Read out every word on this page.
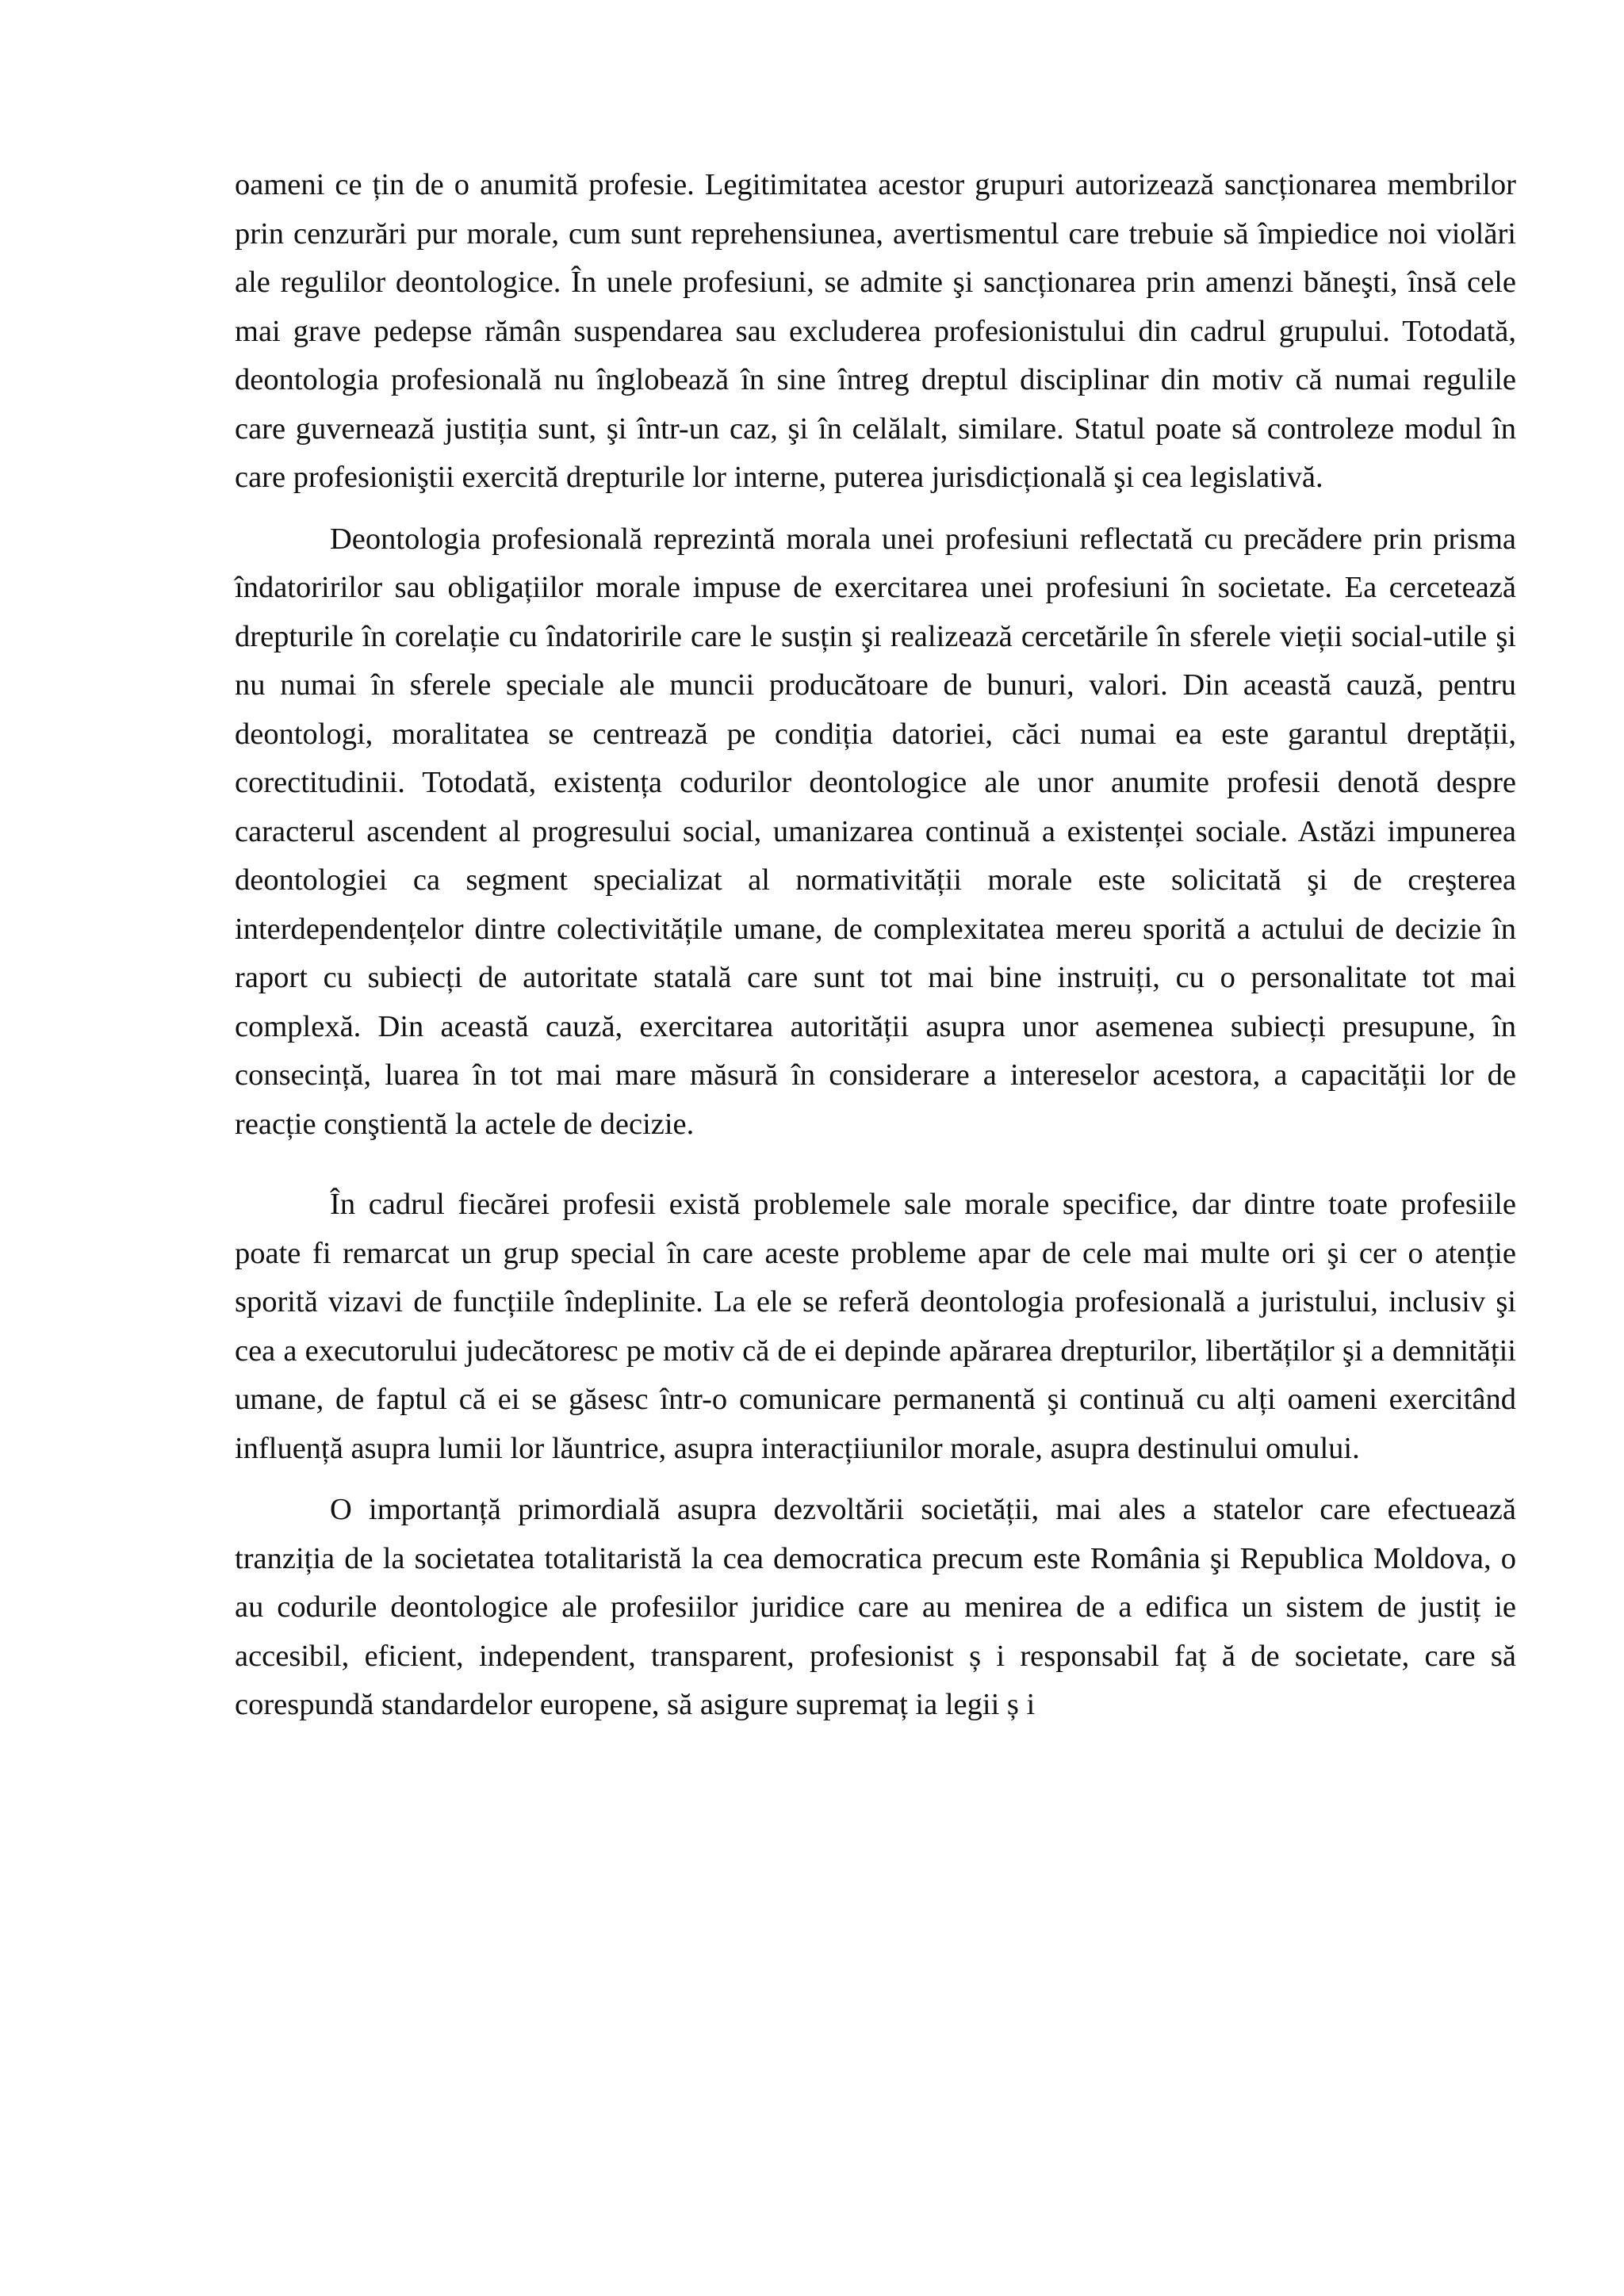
oameni ce țin de o anumită profesie. Legitimitatea acestor grupuri autorizează sancționarea membrilor prin cenzurări pur morale, cum sunt reprehensiunea, avertismentul care trebuie să împiedice noi violări ale regulilor deontologice. În unele profesiuni, se admite şi sancționarea prin amenzi băneşti, însă cele mai grave pedepse rămân suspendarea sau excluderea profesionistului din cadrul grupului. Totodată, deontologia profesională nu înglobează în sine întreg dreptul disciplinar din motiv că numai regulile care guvernează justiția sunt, şi într-un caz, şi în celălalt, similare. Statul poate să controleze modul în care profesioniştii exercită drepturile lor interne, puterea jurisdicțională şi cea legislativă.

Deontologia profesională reprezintă morala unei profesiuni reflectată cu precădere prin prisma îndatoririlor sau obligațiilor morale impuse de exercitarea unei profesiuni în societate. Ea cercetează drepturile în corelație cu îndatoririle care le susțin şi realizează cercetările în sferele vieții social-utile şi nu numai în sferele speciale ale muncii producătoare de bunuri, valori. Din această cauză, pentru deontologi, moralitatea se centrează pe condiția datoriei, căci numai ea este garantul dreptății, corectitudinii. Totodată, existența codurilor deontologice ale unor anumite profesii denotă despre caracterul ascendent al progresului social, umanizarea continuă a existenței sociale. Astăzi impunerea deontologiei ca segment specializat al normativității morale este solicitată şi de creşterea interdependențelor dintre colectivitățile umane, de complexitatea mereu sporită a actului de decizie în raport cu subiecți de autoritate statală care sunt tot mai bine instruiți, cu o personalitate tot mai complexă. Din această cauză, exercitarea autorității asupra unor asemenea subiecți presupune, în consecință, luarea în tot mai mare măsură în considerare a intereselor acestora, a capacității lor de reacție conştientă la actele de decizie.

În cadrul fiecărei profesii există problemele sale morale specifice, dar dintre toate profesiile poate fi remarcat un grup special în care aceste probleme apar de cele mai multe ori şi cer o atenție sporită vizavi de funcțiile îndeplinite. La ele se referă deontologia profesională a juristului, inclusiv şi cea a executorului judecătoresc pe motiv că de ei depinde apărarea drepturilor, libertăților şi a demnității umane, de faptul că ei se găsesc într-o comunicare permanentă şi continuă cu alți oameni exercitând influență asupra lumii lor lăuntrice, asupra interacțiiunilor morale, asupra destinului omului.

O importanță primordială asupra dezvoltării societății, mai ales a statelor care efectuează tranziția de la societatea totalitaristă la cea democratica precum este România şi Republica Moldova, o au codurile deontologice ale profesiilor juridice care au menirea de a edifica un sistem de justiț ie accesibil, eficient, independent, transparent, profesionist ș i responsabil faț ă de societate, care să corespundă standardelor europene, să asigure supremaț ia legii ș i
